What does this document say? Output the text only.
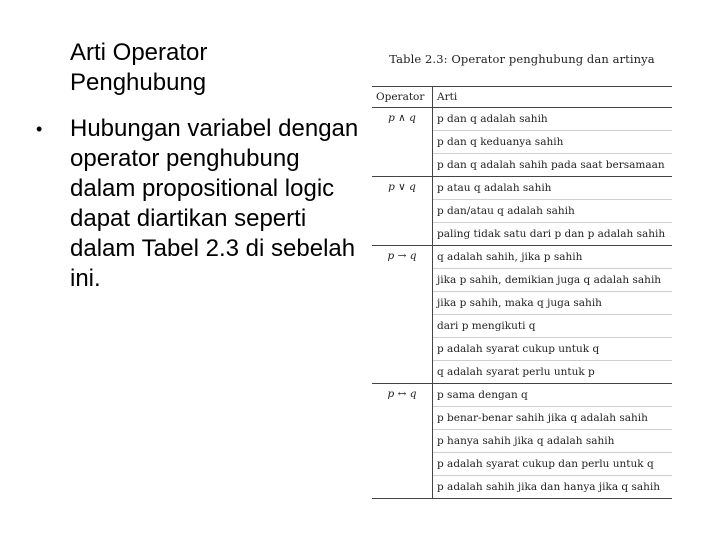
Arti Operator
Penghubung
• Hubungan variabel dengan operator penghubung dalam propositional logic dapat diartikan seperti dalam Tabel 2.3 di sebelah ini.
Table 2.3: Operator penghubung dan artinya
Operator	Arti
p ∧ q	p dan q adalah sahih
	p dan q keduanya sahih
	p dan q adalah sahih pada saat bersamaan
p ∨ q	p atau q adalah sahih
	p dan/atau q adalah sahih
	paling tidak satu dari p dan p adalah sahih
p → q	q adalah sahih, jika p sahih
	jika p sahih, demikian juga q adalah sahih
	jika p sahih, maka q juga sahih
	dari p mengikuti q
	p adalah syarat cukup untuk q
	q adalah syarat perlu untuk p
p ↔ q	p sama dengan q
	p benar-benar sahih jika q adalah sahih
	p hanya sahih jika q adalah sahih
	p adalah syarat cukup dan perlu untuk q
	p adalah sahih jika dan hanya jika q sahih
